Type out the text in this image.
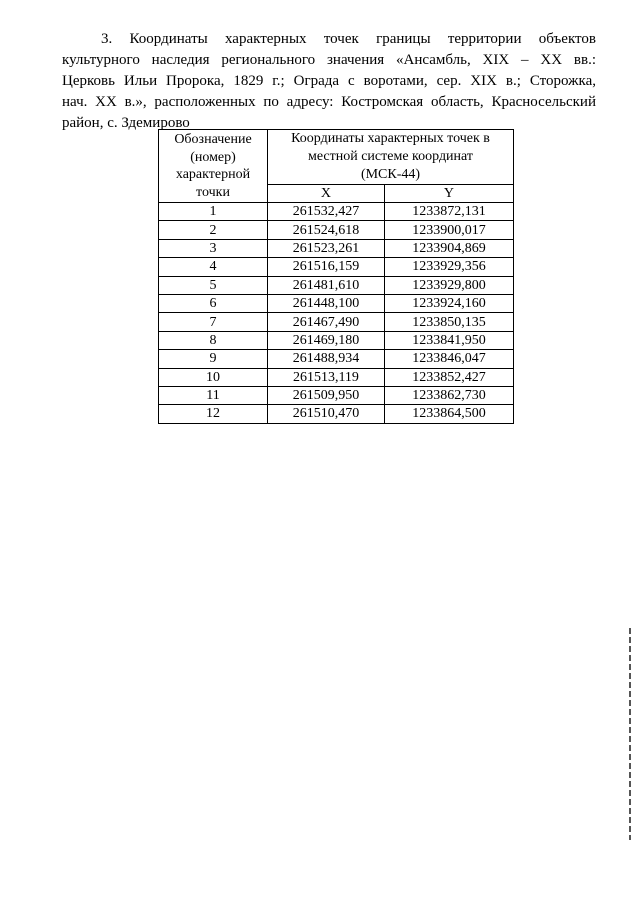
3. Координаты характерных точек границы территории объектов
культурного наследия регионального значения «Ансамбль, XIX – XX вв.:
Церковь Ильи Пророка, 1829 г.; Ограда с воротами, сер. XIX в.; Сторожка,
нач. XX в.», расположенных по адресу: Костромская область, Красносельский
район, с. Здемирово

Обозначение
(номер)
характерной
точки	Координаты характерных точек в
местной системе координат
(МСК-44)	
	X	Y
1	261532,427	1233872,131
2	261524,618	1233900,017
3	261523,261	1233904,869
4	261516,159	1233929,356
5	261481,610	1233929,800
6	261448,100	1233924,160
7	261467,490	1233850,135
8	261469,180	1233841,950
9	261488,934	1233846,047
10	261513,119	1233852,427
11	261509,950	1233862,730
12	261510,470	1233864,500
